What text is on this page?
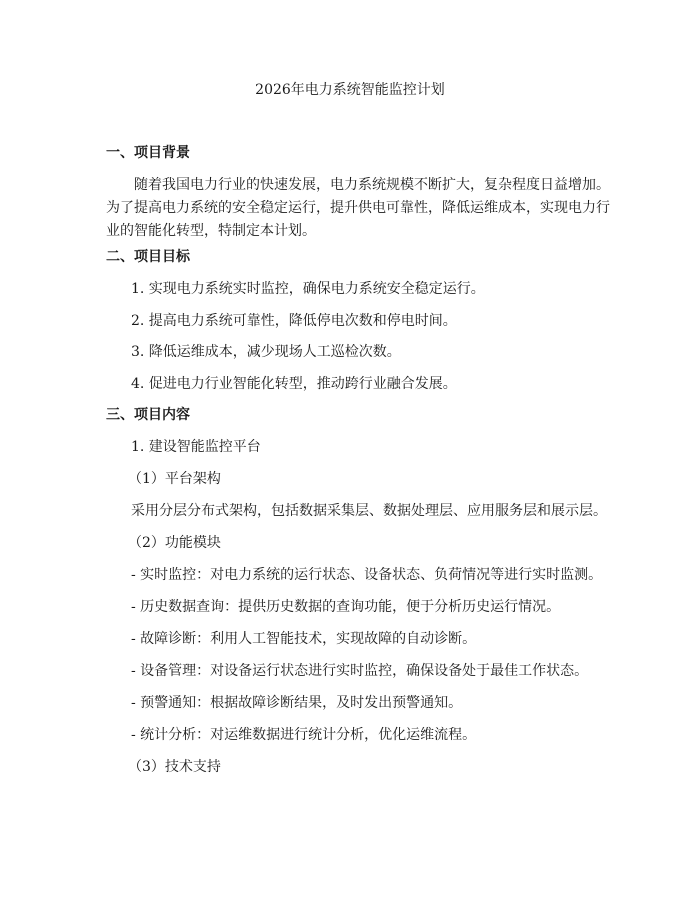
2026年电力系统智能监控计划
一、项目背景
　　随着我国电力行业的快速发展，电力系统规模不断扩大，复杂程度日益增加。
为了提高电力系统的安全稳定运行，提升供电可靠性，降低运维成本，实现电力行
业的智能化转型，特制定本计划。
二、项目目标
1. 实现电力系统实时监控，确保电力系统安全稳定运行。
2. 提高电力系统可靠性，降低停电次数和停电时间。
3. 降低运维成本，减少现场人工巡检次数。
4. 促进电力行业智能化转型，推动跨行业融合发展。
三、项目内容
1. 建设智能监控平台
（1）平台架构
采用分层分布式架构，包括数据采集层、数据处理层、应用服务层和展示层。
（2）功能模块
- 实时监控：对电力系统的运行状态、设备状态、负荷情况等进行实时监测。
- 历史数据查询：提供历史数据的查询功能，便于分析历史运行情况。
- 故障诊断：利用人工智能技术，实现故障的自动诊断。
- 设备管理：对设备运行状态进行实时监控，确保设备处于最佳工作状态。
- 预警通知：根据故障诊断结果，及时发出预警通知。
- 统计分析：对运维数据进行统计分析，优化运维流程。
（3）技术支持
